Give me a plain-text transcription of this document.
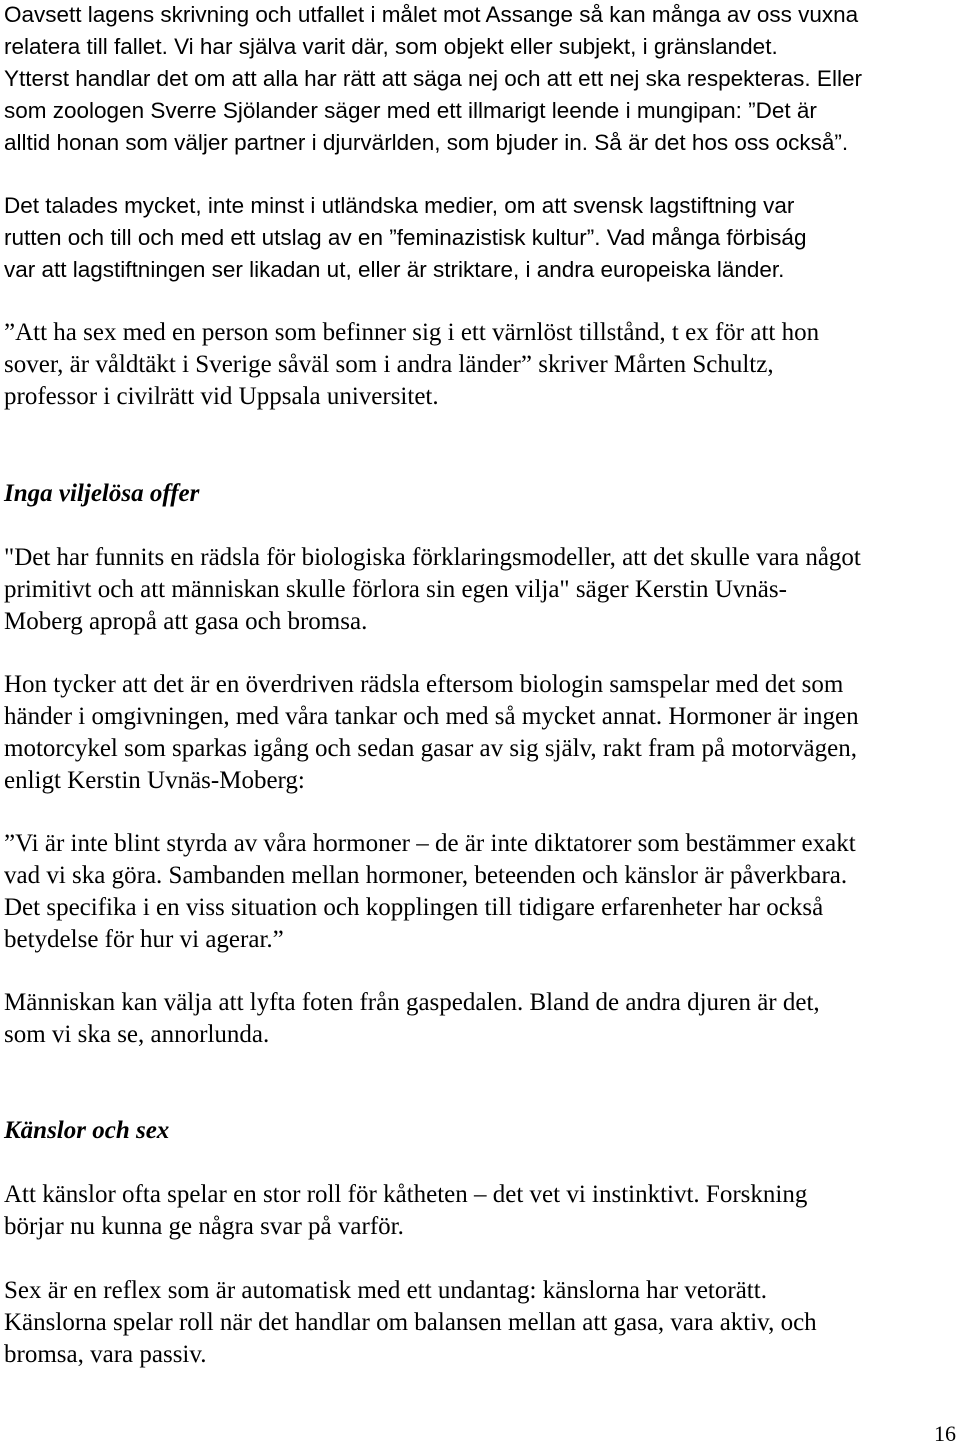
Oavsett lagens skrivning och utfallet i målet mot Assange så kan många av oss vuxna
relatera till fallet. Vi har själva varit där, som objekt eller subjekt, i gränslandet.
Ytterst handlar det om att alla har rätt att säga nej och att ett nej ska respekteras. Eller
som zoologen Sverre Sjölander säger med ett illmarigt leende i mungipan: ”Det är
alltid honan som väljer partner i djurvärlden, som bjuder in. Så är det hos oss också”.
Det talades mycket, inte minst i utländska medier, om att svensk lagstiftning var
rutten och till och med ett utslag av en ”feminazistisk kultur”. Vad många förbiság
var att lagstiftningen ser likadan ut, eller är striktare, i andra europeiska länder.
”Att ha sex med en person som befinner sig i ett värnlöst tillstånd, t ex för att hon
sover, är våldtäkt i Sverige såväl som i andra länder” skriver Mårten Schultz,
professor i civilrätt vid Uppsala universitet.
Inga viljelösa offer
"Det har funnits en rädsla för biologiska förklaringsmodeller, att det skulle vara något
primitivt och att människan skulle förlora sin egen vilja" säger Kerstin Uvnäs-
Moberg apropå att gasa och bromsa.
Hon tycker att det är en överdriven rädsla eftersom biologin samspelar med det som
händer i omgivningen, med våra tankar och med så mycket annat. Hormoner är ingen
motorcykel som sparkas igång och sedan gasar av sig själv, rakt fram på motorvägen,
enligt Kerstin Uvnäs-Moberg:
”Vi är inte blint styrda av våra hormoner – de är inte diktatorer som bestämmer exakt
vad vi ska göra. Sambanden mellan hormoner, beteenden och känslor är påverkbara.
Det specifika i en viss situation och kopplingen till tidigare erfarenheter har också
betydelse för hur vi agerar.”
Människan kan välja att lyfta foten från gaspedalen. Bland de andra djuren är det,
som vi ska se, annorlunda.
Känslor och sex
Att känslor ofta spelar en stor roll för kåtheten – det vet vi instinktivt. Forskning
börjar nu kunna ge några svar på varför.
Sex är en reflex som är automatisk med ett undantag: känslorna har vetorätt.
Känslorna spelar roll när det handlar om balansen mellan att gasa, vara aktiv, och
bromsa, vara passiv.
16
